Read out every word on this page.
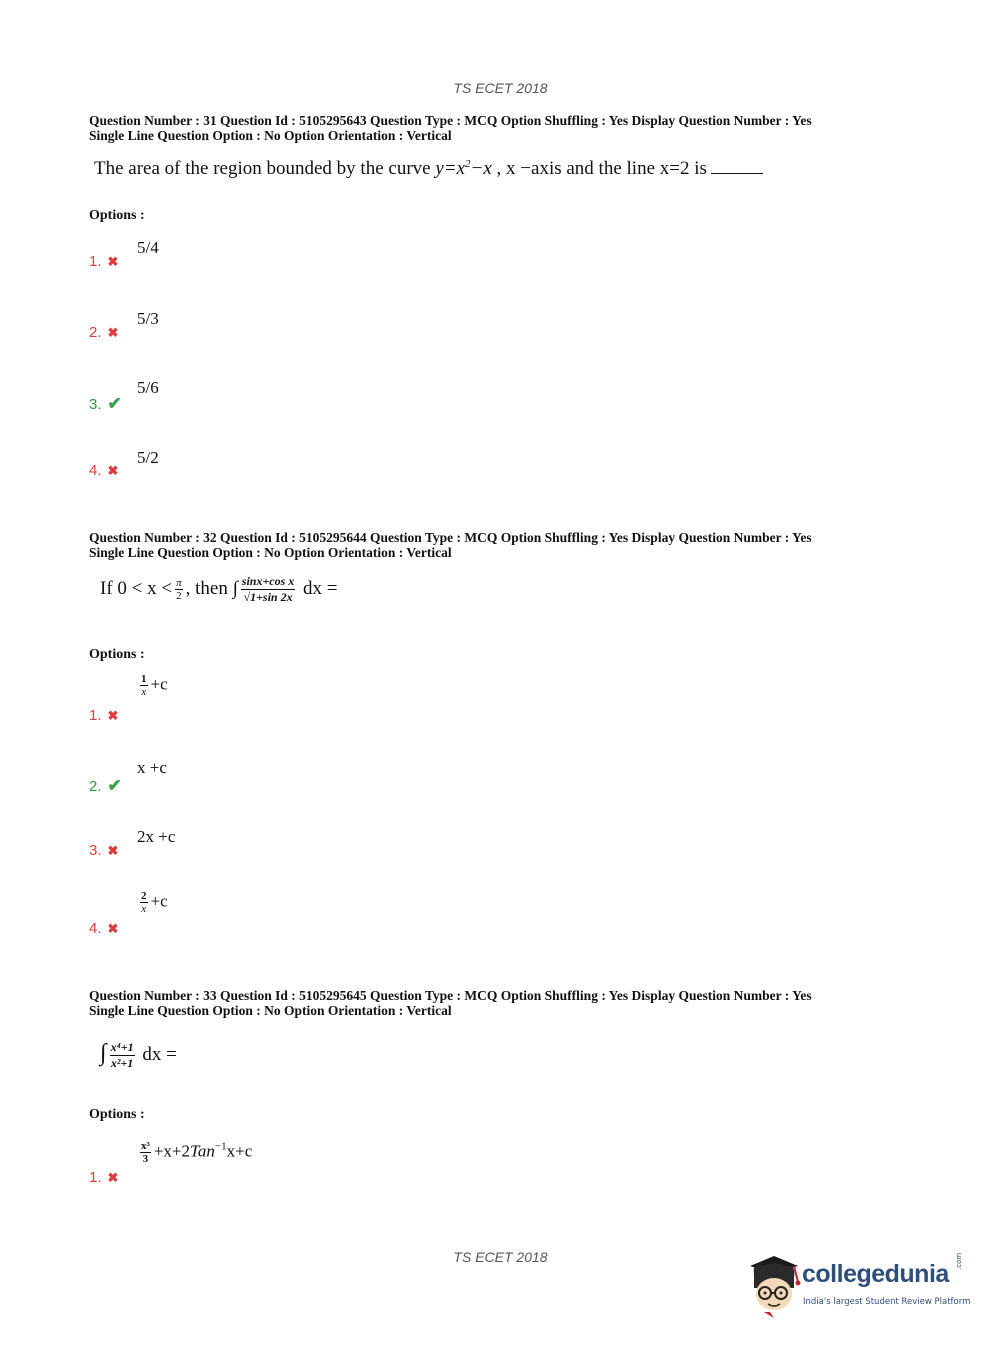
TS ECET 2018
Question Number : 31 Question Id : 5105295643 Question Type : MCQ Option Shuffling : Yes Display Question Number : Yes
Single Line Question Option : No Option Orientation : Vertical
The area of the region bounded by the curve $y=x^2-x$ , x −axis and the line x=2 is
Options :
5/4
1. ✖
5/3
2. ✖
5/6
3. ✔
5/2
4. ✖
Question Number : 32 Question Id : 5105295644 Question Type : MCQ Option Shuffling : Yes Display Question Number : Yes
Single Line Question Option : No Option Orientation : Vertical
If $0 < x < \frac{\pi}{2}$ , then ∫ $\frac{\text{sinx+cos x}}{√1+\sin 2x}$ dx =
Options :
$\frac{1}{x} +c$
1. ✖
x +c
2. ✔
2x +c
3. ✖
$\frac{2}{x} +c$
4. ✖
Question Number : 33 Question Id : 5105295645 Question Type : MCQ Option Shuffling : Yes Display Question Number : Yes
Single Line Question Option : No Option Orientation : Vertical
∫ $\frac{\text{x⁴+1}}{\text{x²+1}}$ dx =
Options :
$\frac{\text{x³}}{3} +x+2Tan^{-1}x+c$
1. ✖
TS ECET 2018
collegedunia .com
India's largest Student Review Platform
